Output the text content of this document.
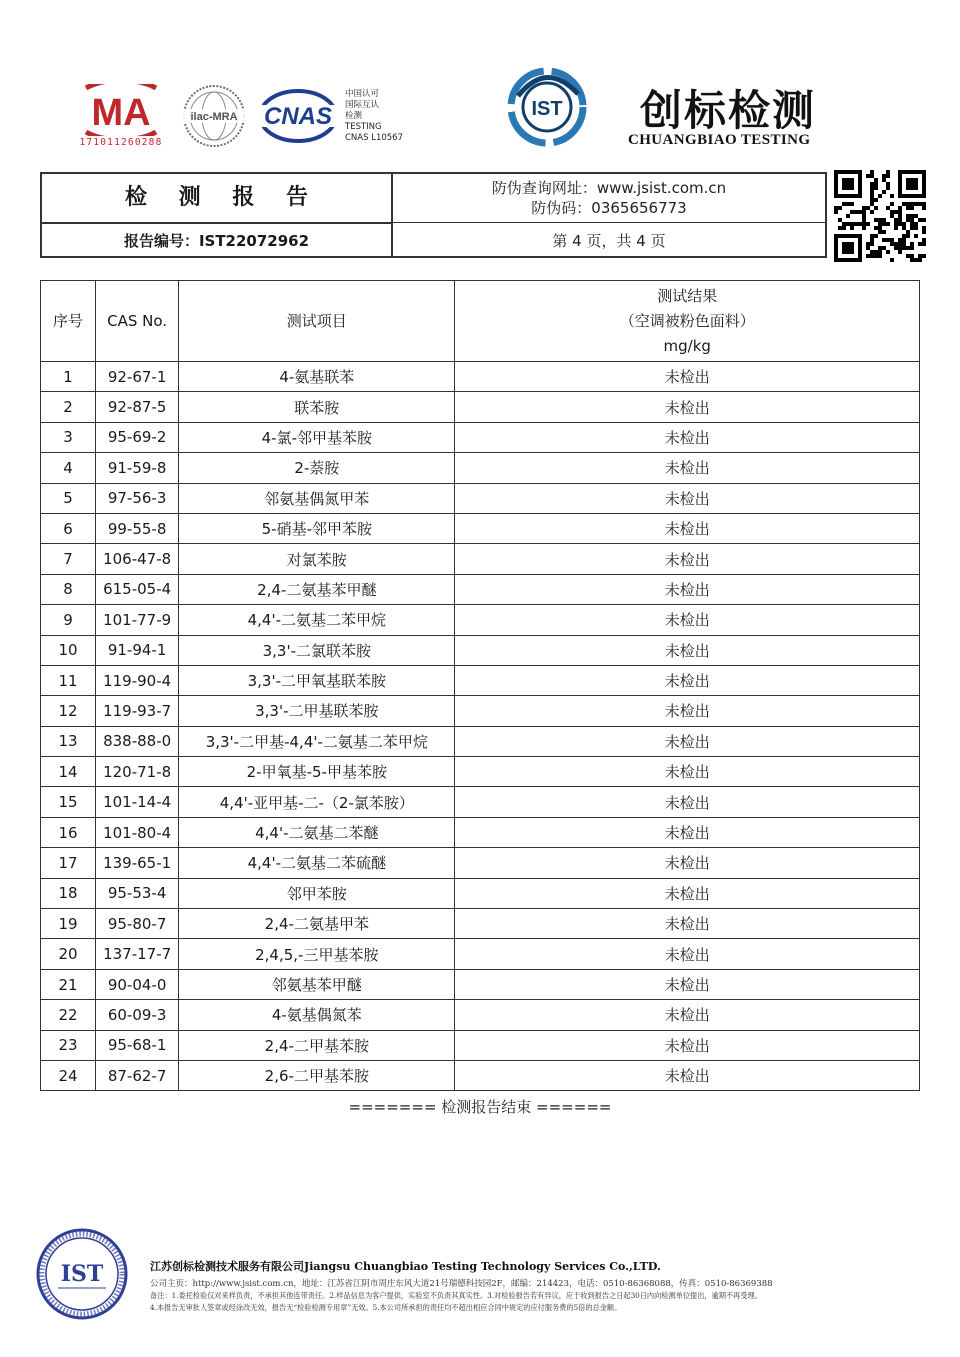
MA
171011260288
ilac-MRA CNAS
中国认可
国际互认
检测
TESTING
CNAS L10567
IST 创标检测
CHUANGBIAO TESTING
检 测 报 告
报告编号：IST22072962
防伪查询网址：www.jsist.com.cn
防伪码：0365656773
第 4 页，共 4 页
序号	CAS No.	测试项目	测试结果
（空调被粉色面料）
mg/kg

1	92-67-1	4-氨基联苯	未检出
2	92-87-5	联苯胺	未检出
3	95-69-2	4-氯-邻甲基苯胺	未检出
4	91-59-8	2-萘胺	未检出
5	97-56-3	邻氨基偶氮甲苯	未检出
6	99-55-8	5-硝基-邻甲苯胺	未检出
7	106-47-8	对氯苯胺	未检出
8	615-05-4	2,4-二氨基苯甲醚	未检出
9	101-77-9	4,4'-二氨基二苯甲烷	未检出
10	91-94-1	3,3'-二氯联苯胺	未检出
11	119-90-4	3,3'-二甲氧基联苯胺	未检出
12	119-93-7	3,3'-二甲基联苯胺	未检出
13	838-88-0	3,3'-二甲基-4,4'-二氨基二苯甲烷	未检出
14	120-71-8	2-甲氧基-5-甲基苯胺	未检出
15	101-14-4	4,4'-亚甲基-二-（2-氯苯胺）	未检出
16	101-80-4	4,4'-二氨基二苯醚	未检出
17	139-65-1	4,4'-二氨基二苯硫醚	未检出
18	95-53-4	邻甲苯胺	未检出
19	95-80-7	2,4-二氨基甲苯	未检出
20	137-17-7	2,4,5,-三甲基苯胺	未检出
21	90-04-0	邻氨基苯甲醚	未检出
22	60-09-3	4-氨基偶氮苯	未检出
23	95-68-1	2,4-二甲基苯胺	未检出
24	87-62-7	2,6-二甲基苯胺	未检出
======= 检测报告结束 ======
IST	江苏创标检测技术服务有限公司Jiangsu Chuangbiao Testing Technology Services Co.,LTD.
公司主页：http://www.jsist.com.cn，地址：江苏省江阴市周庄东风大道21号瑞德科技园2F，邮编：214423，电话：0510-86368088，传真：0510-86369388
备注：1.委托检验仅对来样负责，不承担其他连带责任。2.样品信息为客户提供，实验室不负责其真实性。3.对检验报告若有异议，应于收到报告之日起30日内向检测单位提出，逾期不再受理。
4.本报告无审批人签章或经涂改无效，报告无“检验检测专用章”无效。5.本公司所承担的责任均不超出相应合同中规定的应付服务费的5倍的总金额。
